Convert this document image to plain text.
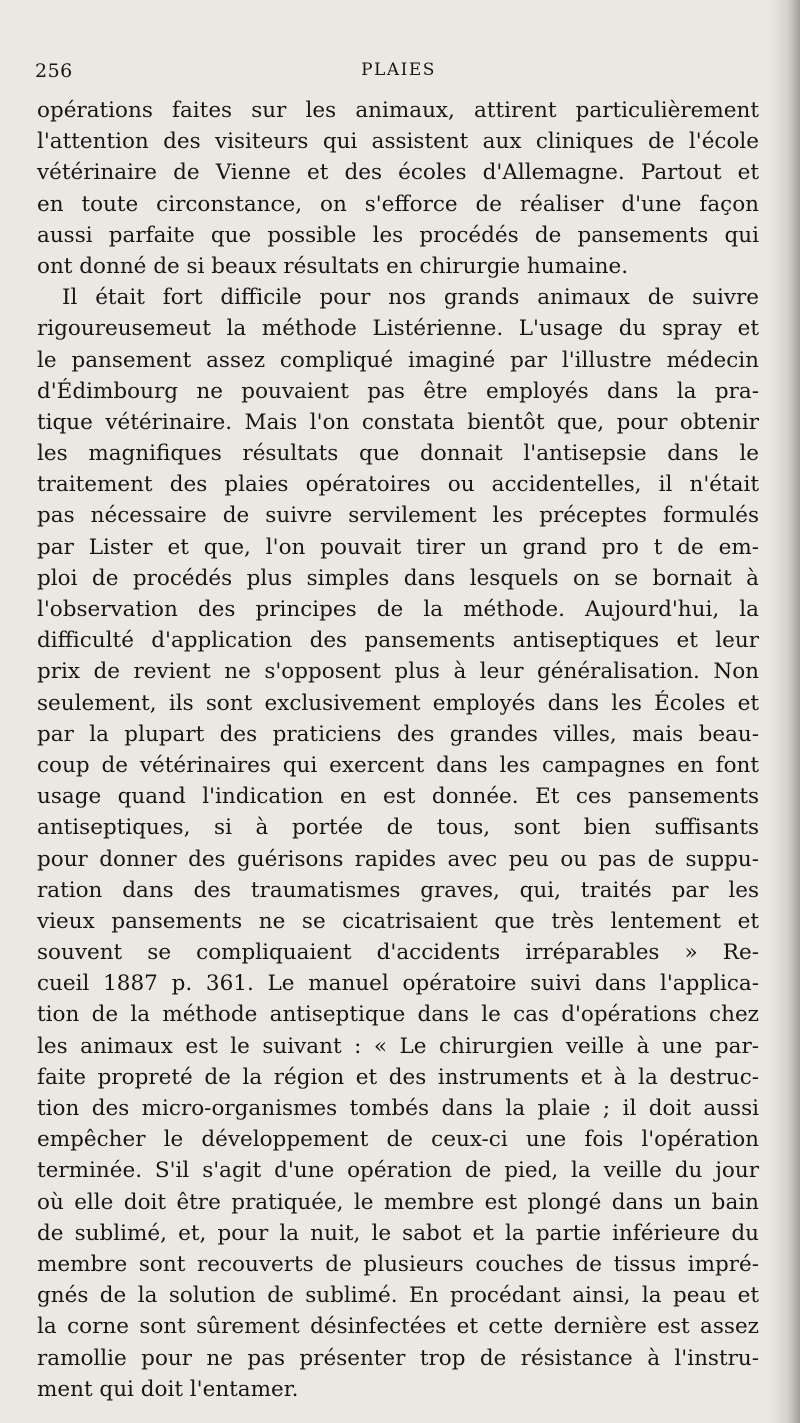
256	PLAIES
opérations faites sur les animaux, attirent particulièrement
l'attention des visiteurs qui assistent aux cliniques de l'école
vétérinaire de Vienne et des écoles d'Allemagne. Partout et
en toute circonstance, on s'efforce de réaliser d'une façon
aussi parfaite que possible les procédés de pansements qui
ont donné de si beaux résultats en chirurgie humaine.
Il était fort difficile pour nos grands animaux de suivre
rigoureusemeut la méthode Listérienne. L'usage du spray et
le pansement assez compliqué imaginé par l'illustre médecin
d'Édimbourg ne pouvaient pas être employés dans la pra-
tique vétérinaire. Mais l'on constata bientôt que, pour obtenir
les magnifiques résultats que donnait l'antisepsie dans le
traitement des plaies opératoires ou accidentelles, il n'était
pas nécessaire de suivre servilement les préceptes formulés
par Lister et que, l'on pouvait tirer un grand pro t de em-
ploi de procédés plus simples dans lesquels on se bornait à
l'observation des principes de la méthode. Aujourd'hui, la
difficulté d'application des pansements antiseptiques et leur
prix de revient ne s'opposent plus à leur généralisation. Non
seulement, ils sont exclusivement employés dans les Écoles et
par la plupart des praticiens des grandes villes, mais beau-
coup de vétérinaires qui exercent dans les campagnes en font
usage quand l'indication en est donnée. Et ces pansements
antiseptiques, si à portée de tous, sont bien suffisants
pour donner des guérisons rapides avec peu ou pas de suppu-
ration dans des traumatismes graves, qui, traités par les
vieux pansements ne se cicatrisaient que très lentement et
souvent se compliquaient d'accidents irréparables » Re-
cueil 1887 p. 361. Le manuel opératoire suivi dans l'applica-
tion de la méthode antiseptique dans le cas d'opérations chez
les animaux est le suivant : « Le chirurgien veille à une par-
faite propreté de la région et des instruments et à la destruc-
tion des micro-organismes tombés dans la plaie ; il doit aussi
empêcher le développement de ceux-ci une fois l'opération
terminée. S'il s'agit d'une opération de pied, la veille du jour
où elle doit être pratiquée, le membre est plongé dans un bain
de sublimé, et, pour la nuit, le sabot et la partie inférieure du
membre sont recouverts de plusieurs couches de tissus impré-
gnés de la solution de sublimé. En procédant ainsi, la peau et
la corne sont sûrement désinfectées et cette dernière est assez
ramollie pour ne pas présenter trop de résistance à l'instru-
ment qui doit l'entamer.
